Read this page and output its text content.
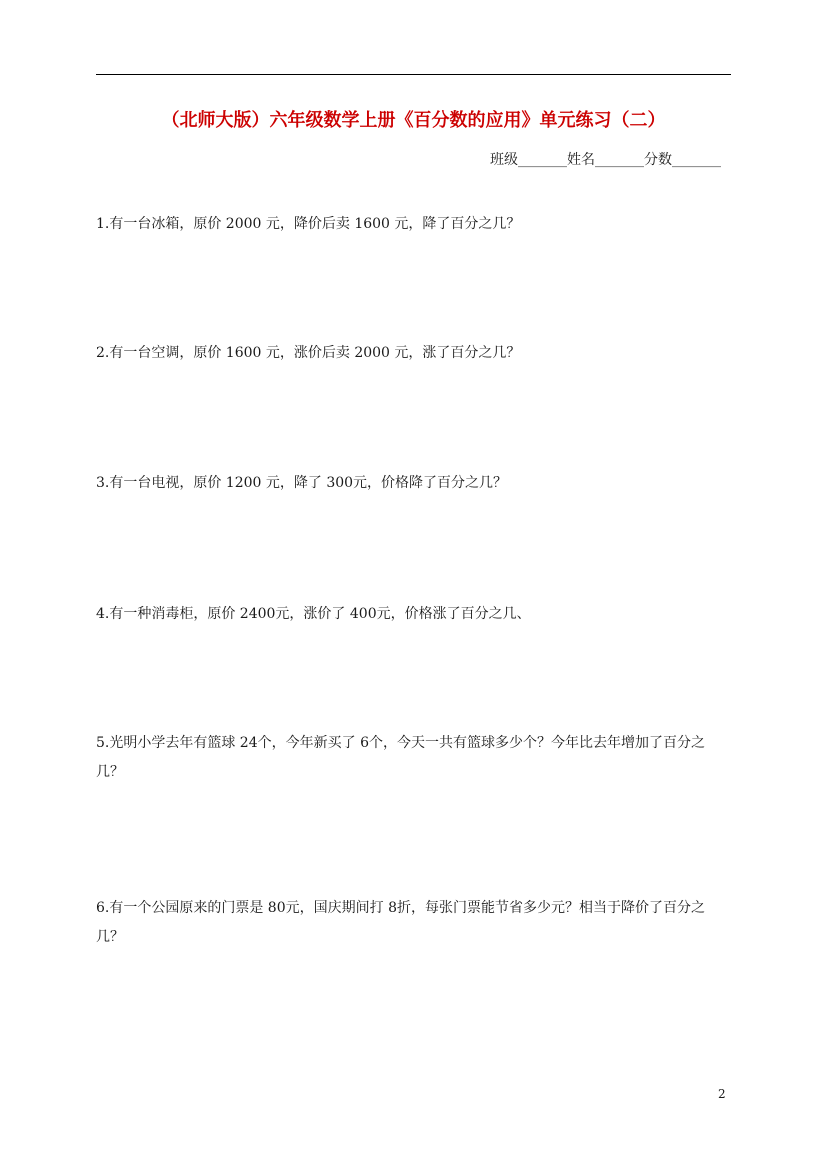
（北师大版）六年级数学上册《百分数的应用》单元练习（二）
班级_______姓名_______分数_______
1.有一台冰箱，原价 2000 元，降价后卖 1600 元，降了百分之几？
2.有一台空调，原价 1600 元，涨价后卖 2000 元，涨了百分之几？
3.有一台电视，原价 1200 元，降了 300元，价格降了百分之几？
4.有一种消毒柜，原价 2400元，涨价了 400元，价格涨了百分之几、
5.光明小学去年有篮球 24个，今年新买了 6个，今天一共有篮球多少个？今年比去年增加了百分之几？
6.有一个公园原来的门票是 80元，国庆期间打 8折，每张门票能节省多少元？相当于降价了百分之几？
2
